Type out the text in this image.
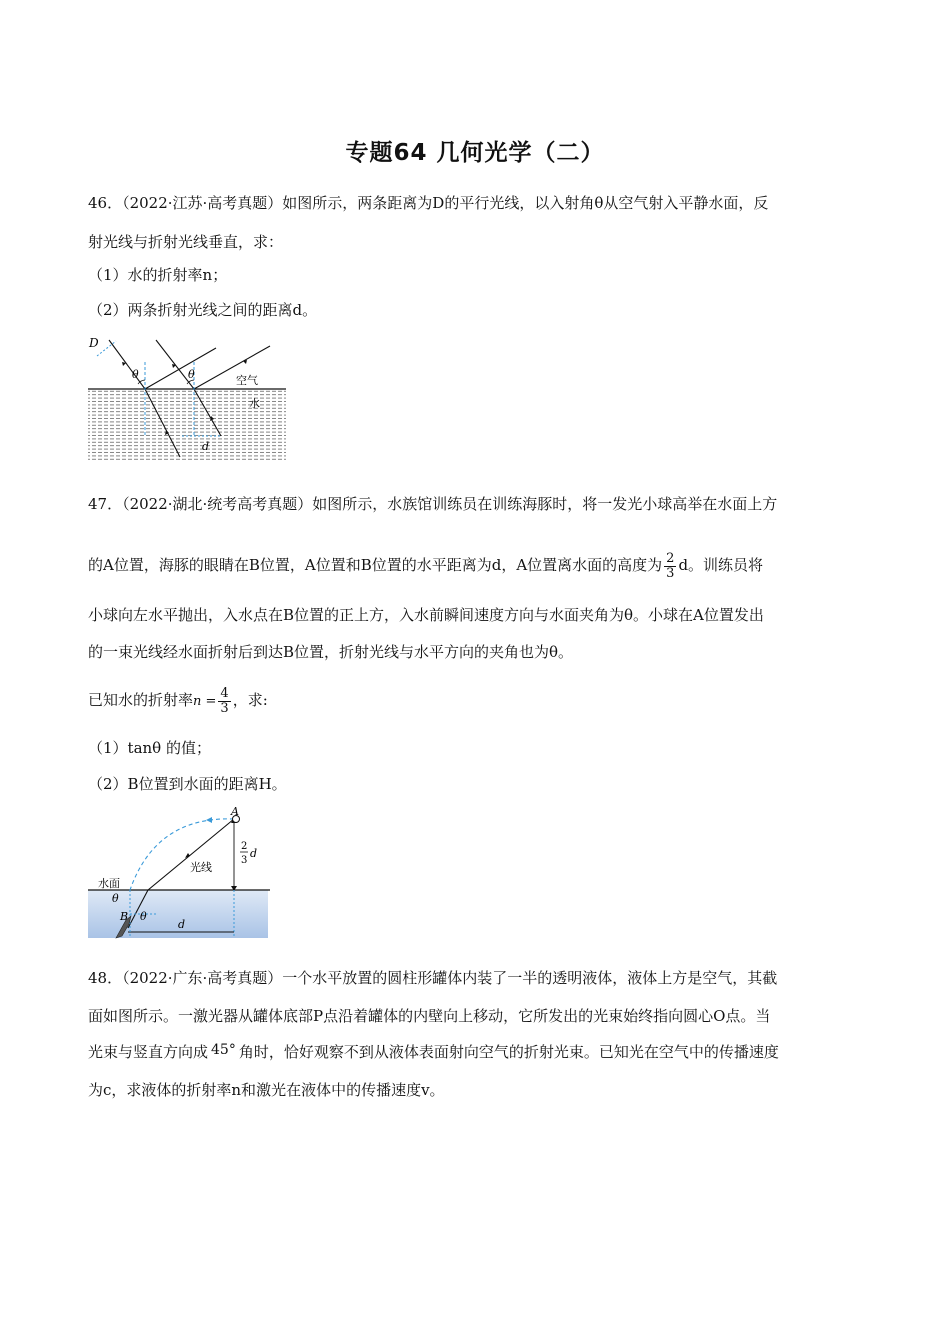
专题64 几何光学（二）
46．（2022·江苏·高考真题）如图所示，两条距离为D的平行光线，以入射角θ从空气射入平静水面，反
射光线与折射光线垂直，求：
（1）水的折射率n；
（2）两条折射光线之间的距离d。
D
θ	θ	空气
水
d
47．（2022·湖北·统考高考真题）如图所示，水族馆训练员在训练海豚时，将一发光小球高举在水面上方
的A位置，海豚的眼睛在B位置，A位置和B位置的水平距离为d，A位置离水面的高度为 $\frac{2}{3}$ d。训练员将
小球向左水平抛出，入水点在B位置的正上方，入水前瞬间速度方向与水面夹角为θ。小球在A位置发出
的一束光线经水面折射后到达B位置，折射光线与水平方向的夹角也为θ。
已知水的折射率$n = \frac{4}{3}$ ，求:
（1）tanθ 的值；
（2）B位置到水面的距离H。
A
光线
水面
θ
θ
B
d
2
3
d
48．（2022·广东·高考真题）一个水平放置的圆柱形罐体内装了一半的透明液体，液体上方是空气，其截
面如图所示。一激光器从罐体底部P点沿着罐体的内壁向上移动，它所发出的光束始终指向圆心O点。当
光束与竖直方向成 45° 角时，恰好观察不到从液体表面射向空气的折射光束。已知光在空气中的传播速度
为c，求液体的折射率n和激光在液体中的传播速度v。
